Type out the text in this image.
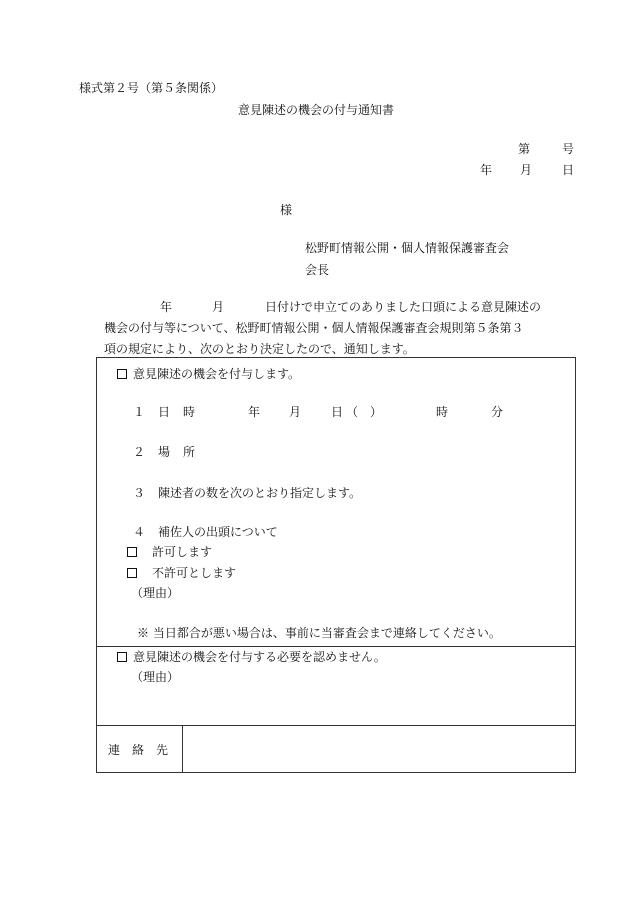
様式第２号（第５条関係）
意見陳述の機会の付与通知書
第	号
年 月 日
様
松野町情報公開・個人情報保護審査会
会長
年	月	日付けで申立てのありました口頭による意見陳述の
機会の付与等について、松野町情報公開・個人情報保護審査会規則第５条第３
項の規定により、次のとおり決定したので、通知します。
意見陳述の機会を付与します。
１ 日 時	年 月 日 （　）	時	分
２ 場 所
３ 陳述者の数を次のとおり指定します。
４ 補佐人の出頭について
許可します
不許可とします
（理由）
※ 当日都合が悪い場合は、事前に当審査会まで連絡してください。
意見陳述の機会を付与する必要を認めません。
（理由）
連　絡　先
